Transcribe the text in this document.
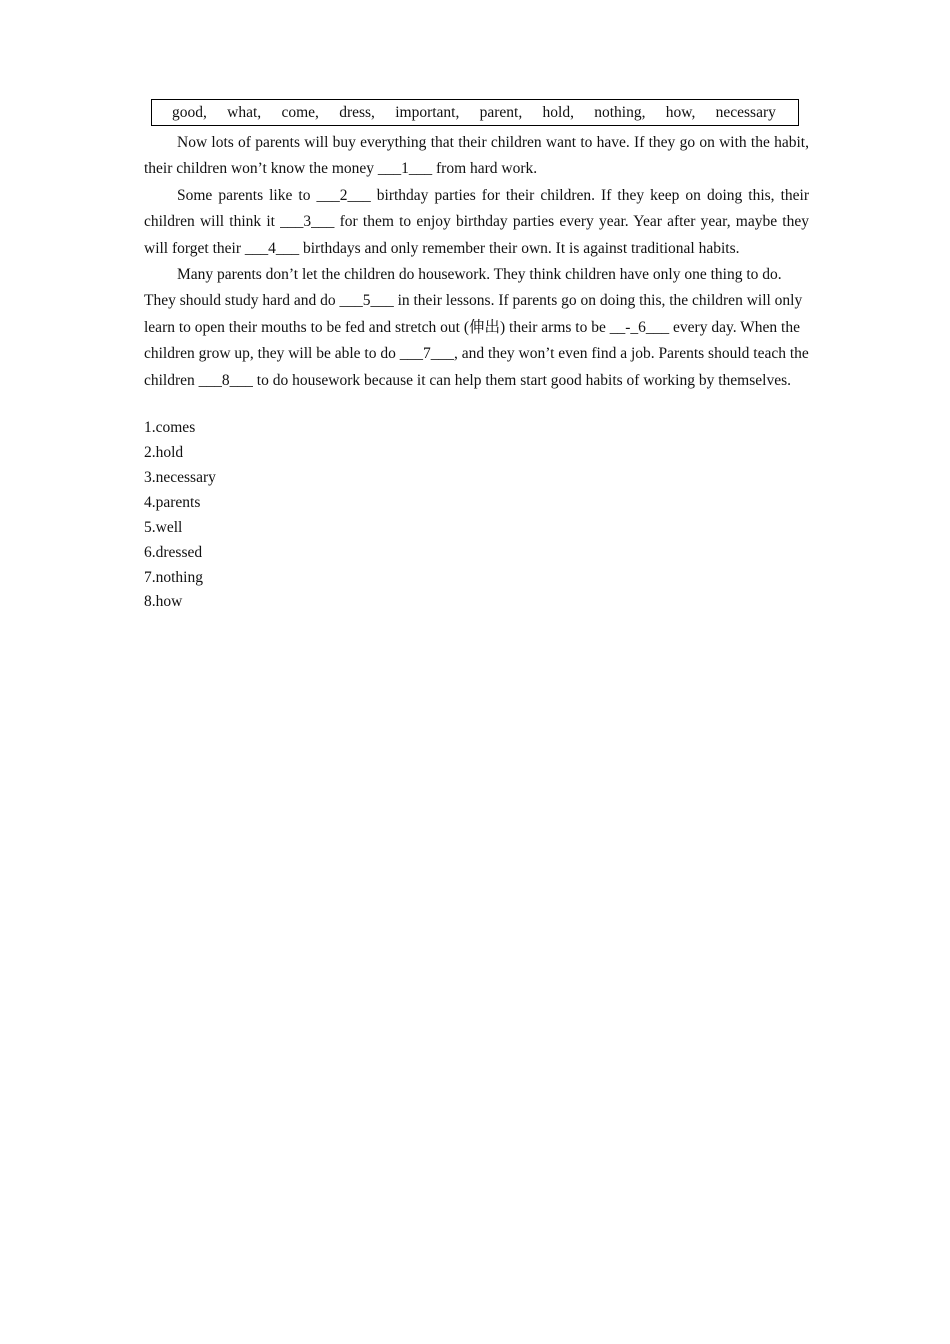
good, what, come, dress, important, parent, hold, nothing, how, necessary

Now lots of parents will buy everything that their children want to have. If they go on with the habit, their children won’t know the money ___1___ from hard work.

Some parents like to ___2___ birthday parties for their children. If they keep on doing this, their children will think it ___3___ for them to enjoy birthday parties every year. Year after year, maybe they will forget their ___4___ birthdays and only remember their own. It is against traditional habits.

Many parents don’t let the children do housework. They think children have only one thing to do. They should study hard and do ___5___ in their lessons. If parents go on doing this, the children will only learn to open their mouths to be fed and stretch out (伸出) their arms to be __-_6___ every day. When the children grow up, they will be able to do ___7___, and they won’t even find a job. Parents should teach the children ___8___ to do housework because it can help them start good habits of working by themselves.

1.comes
2.hold
3.necessary
4.parents
5.well
6.dressed
7.nothing
8.how
